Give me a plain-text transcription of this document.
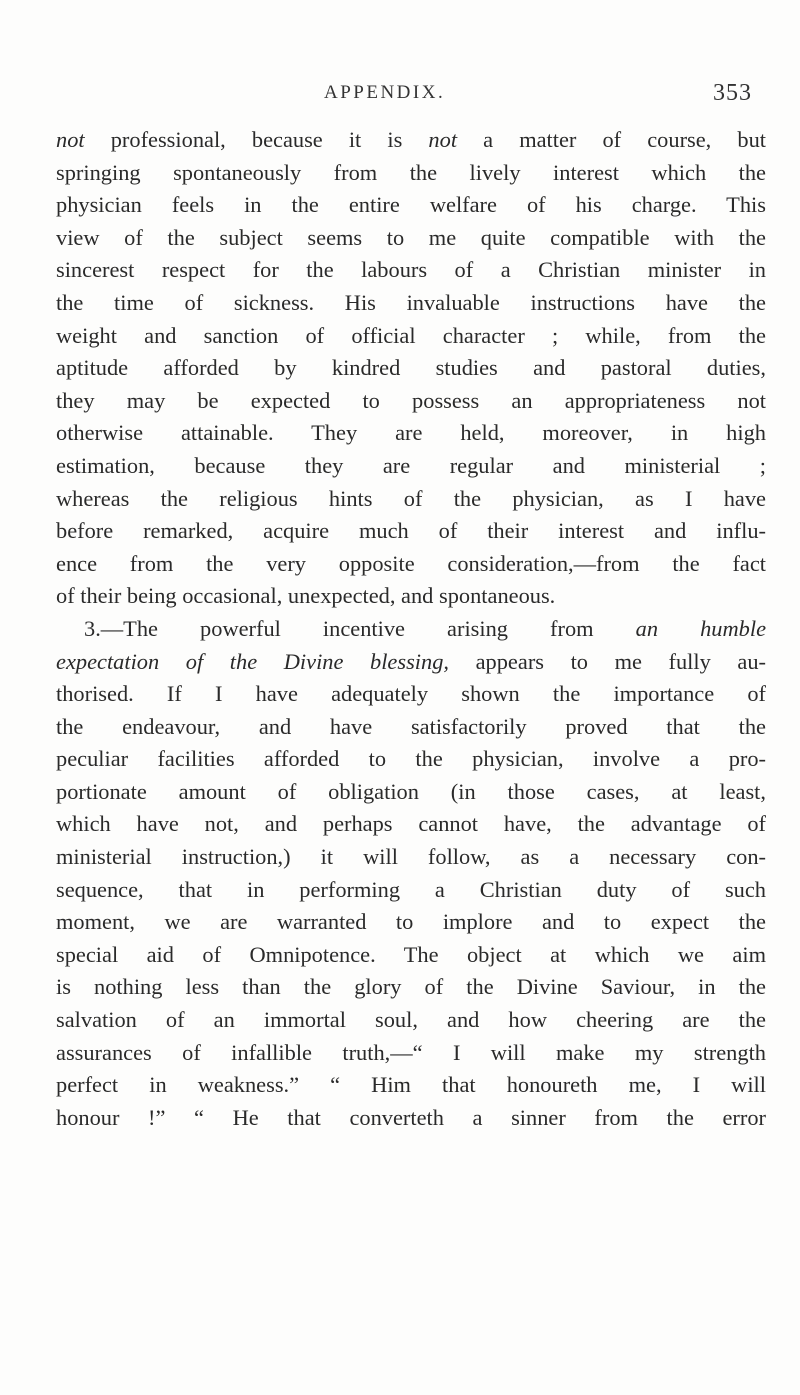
APPENDIX.	353

not professional, because it is not a matter of course, but
springing spontaneously from the lively interest which the
physician feels in the entire welfare of his charge. This
view of the subject seems to me quite compatible with the
sincerest respect for the labours of a Christian minister in
the time of sickness. His invaluable instructions have the
weight and sanction of official character ; while, from the
aptitude afforded by kindred studies and pastoral duties,
they may be expected to possess an appropriateness not
otherwise attainable. They are held, moreover, in high
estimation, because they are regular and ministerial ;
whereas the religious hints of the physician, as I have
before remarked, acquire much of their interest and influ-
ence from the very opposite consideration,—from the fact
of their being occasional, unexpected, and spontaneous.

3.—The powerful incentive arising from an humble
expectation of the Divine blessing, appears to me fully au-
thorised. If I have adequately shown the importance of
the endeavour, and have satisfactorily proved that the
peculiar facilities afforded to the physician, involve a pro-
portionate amount of obligation (in those cases, at least,
which have not, and perhaps cannot have, the advantage of
ministerial instruction,) it will follow, as a necessary con-
sequence, that in performing a Christian duty of such
moment, we are warranted to implore and to expect the
special aid of Omnipotence. The object at which we aim
is nothing less than the glory of the Divine Saviour, in the
salvation of an immortal soul, and how cheering are the
assurances of infallible truth,—“ I will make my strength
perfect in weakness.” “ Him that honoureth me, I will
honour !” “ He that converteth a sinner from the error
